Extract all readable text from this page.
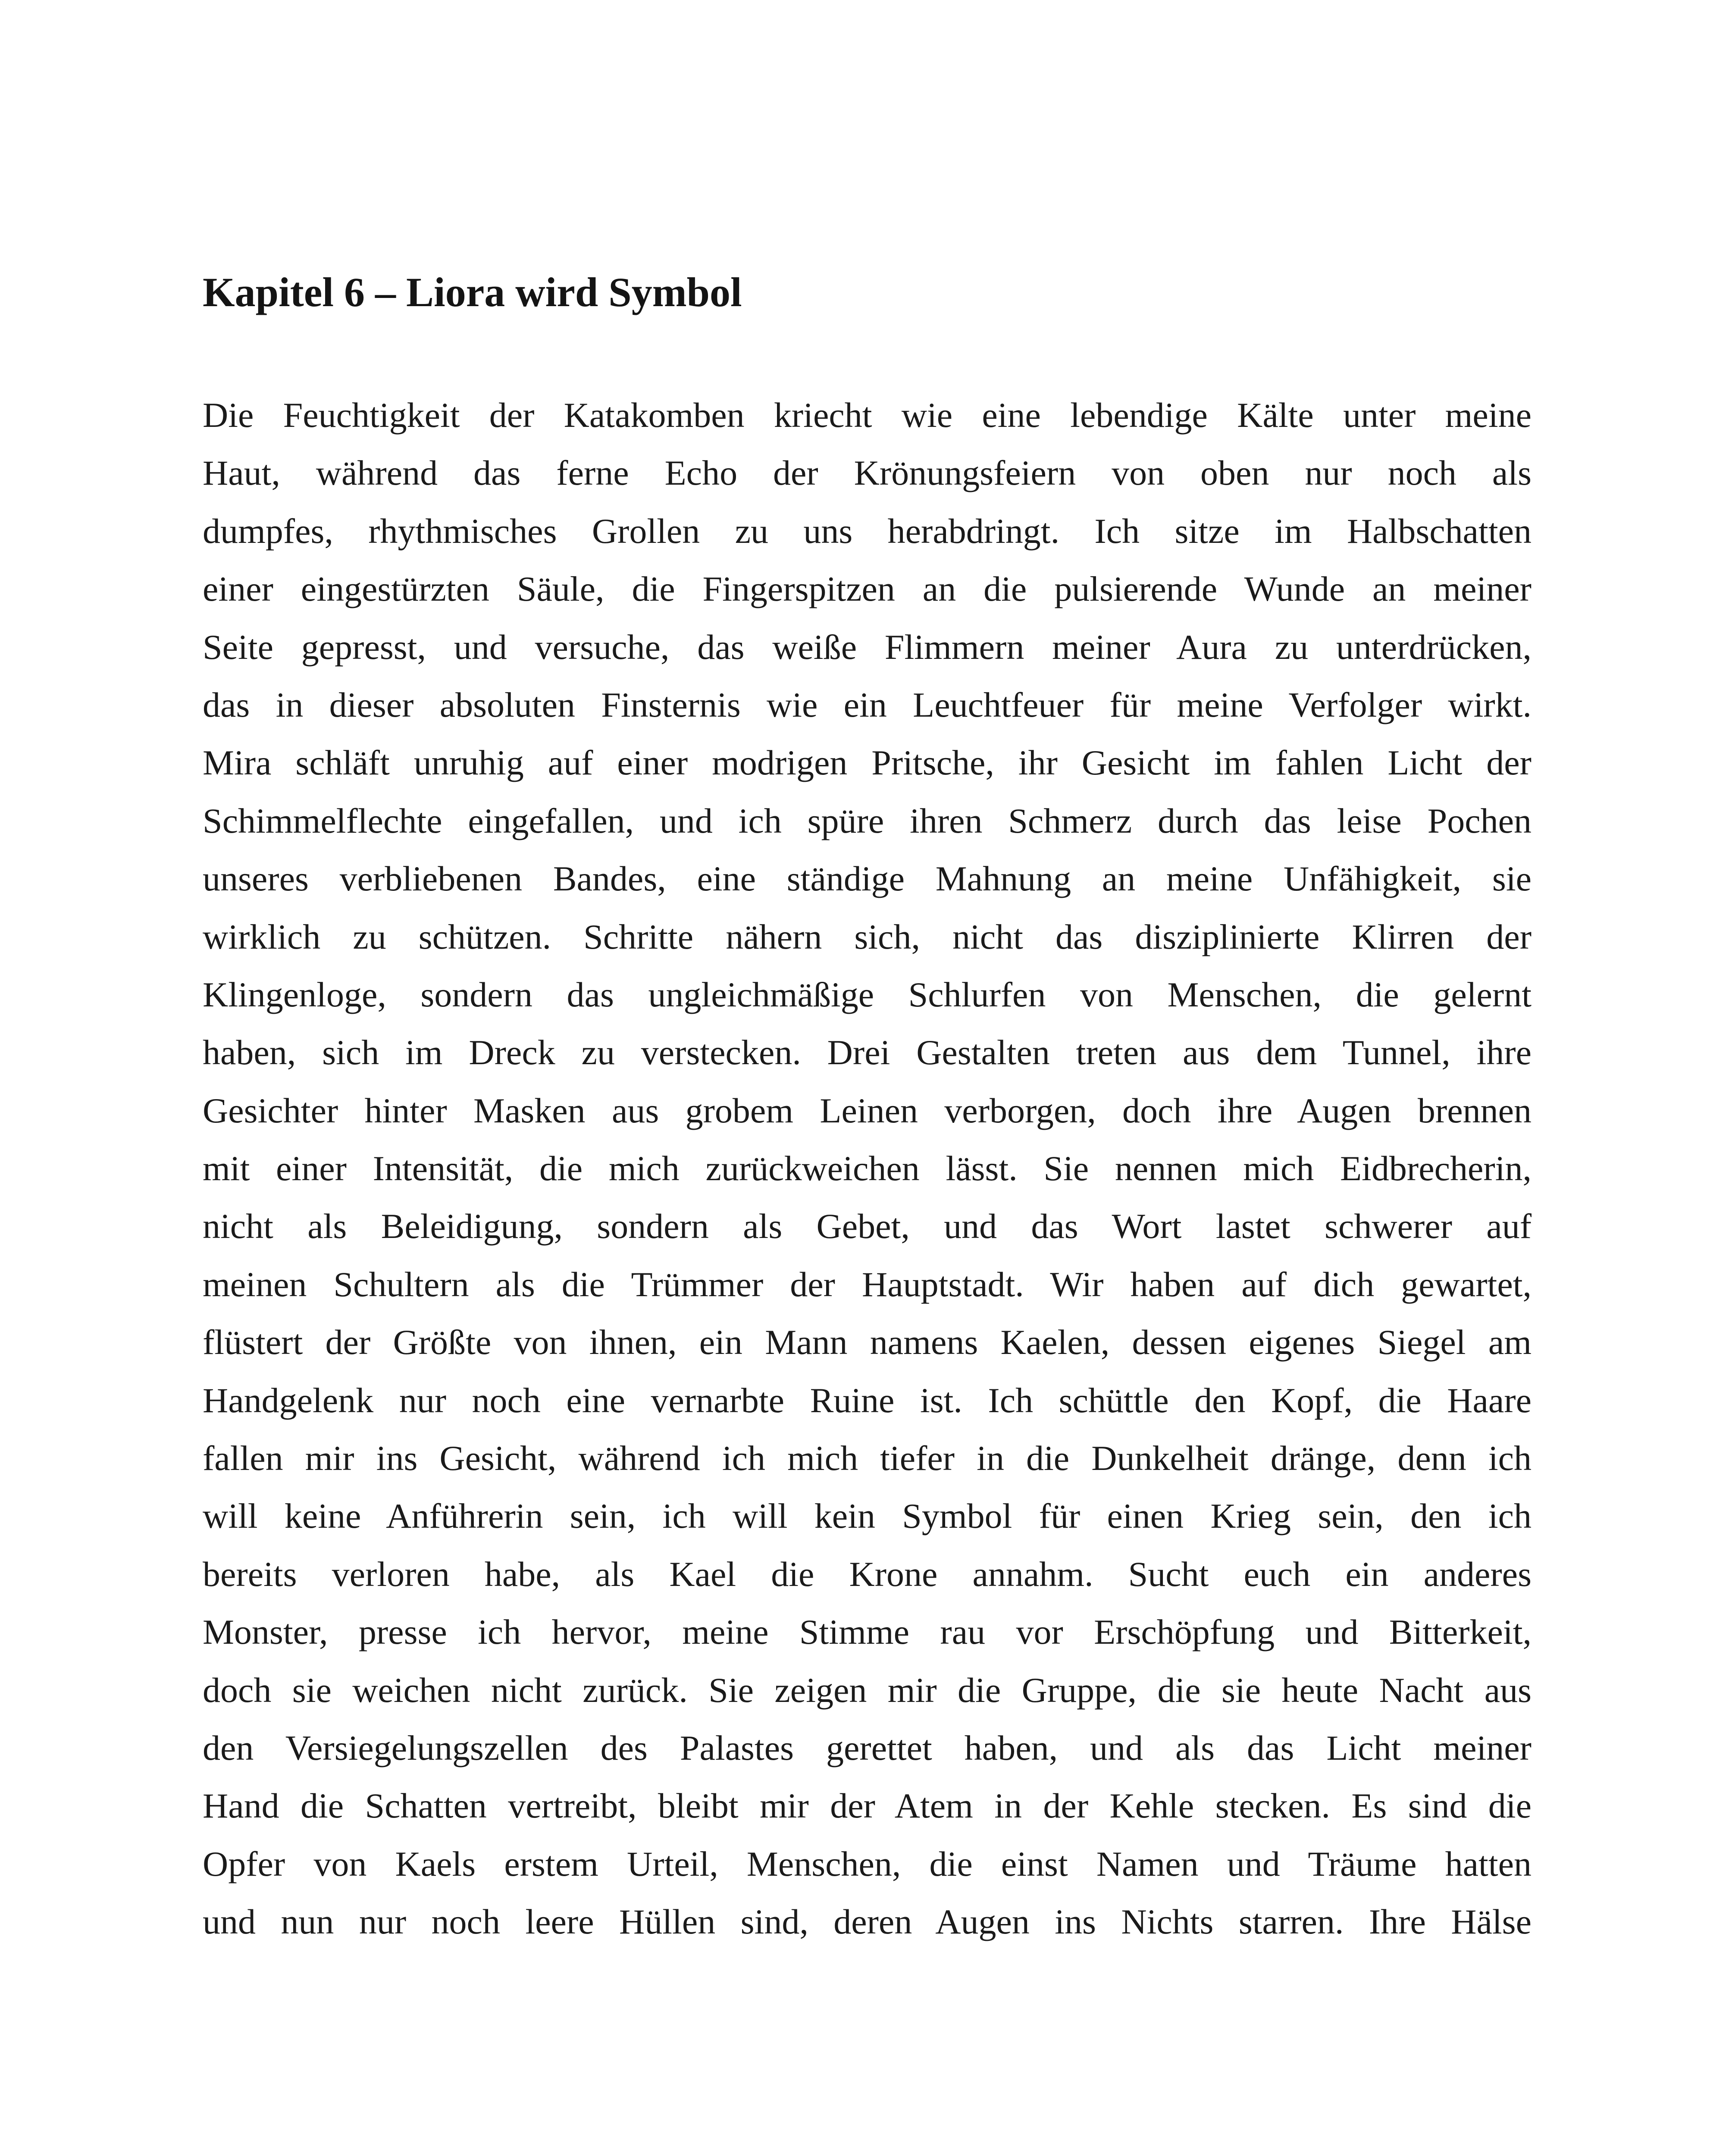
Kapitel 6 – Liora wird Symbol
Die Feuchtigkeit der Katakomben kriecht wie eine lebendige Kälte unter meine
Haut, während das ferne Echo der Krönungsfeiern von oben nur noch als
dumpfes, rhythmisches Grollen zu uns herabdringt. Ich sitze im Halbschatten
einer eingestürzten Säule, die Fingerspitzen an die pulsierende Wunde an meiner
Seite gepresst, und versuche, das weiße Flimmern meiner Aura zu unterdrücken,
das in dieser absoluten Finsternis wie ein Leuchtfeuer für meine Verfolger wirkt.
Mira schläft unruhig auf einer modrigen Pritsche, ihr Gesicht im fahlen Licht der
Schimmelflechte eingefallen, und ich spüre ihren Schmerz durch das leise Pochen
unseres verbliebenen Bandes, eine ständige Mahnung an meine Unfähigkeit, sie
wirklich zu schützen. Schritte nähern sich, nicht das disziplinierte Klirren der
Klingenloge, sondern das ungleichmäßige Schlurfen von Menschen, die gelernt
haben, sich im Dreck zu verstecken. Drei Gestalten treten aus dem Tunnel, ihre
Gesichter hinter Masken aus grobem Leinen verborgen, doch ihre Augen brennen
mit einer Intensität, die mich zurückweichen lässt. Sie nennen mich Eidbrecherin,
nicht als Beleidigung, sondern als Gebet, und das Wort lastet schwerer auf
meinen Schultern als die Trümmer der Hauptstadt. Wir haben auf dich gewartet,
flüstert der Größte von ihnen, ein Mann namens Kaelen, dessen eigenes Siegel am
Handgelenk nur noch eine vernarbte Ruine ist. Ich schüttle den Kopf, die Haare
fallen mir ins Gesicht, während ich mich tiefer in die Dunkelheit dränge, denn ich
will keine Anführerin sein, ich will kein Symbol für einen Krieg sein, den ich
bereits verloren habe, als Kael die Krone annahm. Sucht euch ein anderes
Monster, presse ich hervor, meine Stimme rau vor Erschöpfung und Bitterkeit,
doch sie weichen nicht zurück. Sie zeigen mir die Gruppe, die sie heute Nacht aus
den Versiegelungszellen des Palastes gerettet haben, und als das Licht meiner
Hand die Schatten vertreibt, bleibt mir der Atem in der Kehle stecken. Es sind die
Opfer von Kaels erstem Urteil, Menschen, die einst Namen und Träume hatten
und nun nur noch leere Hüllen sind, deren Augen ins Nichts starren. Ihre Hälse
